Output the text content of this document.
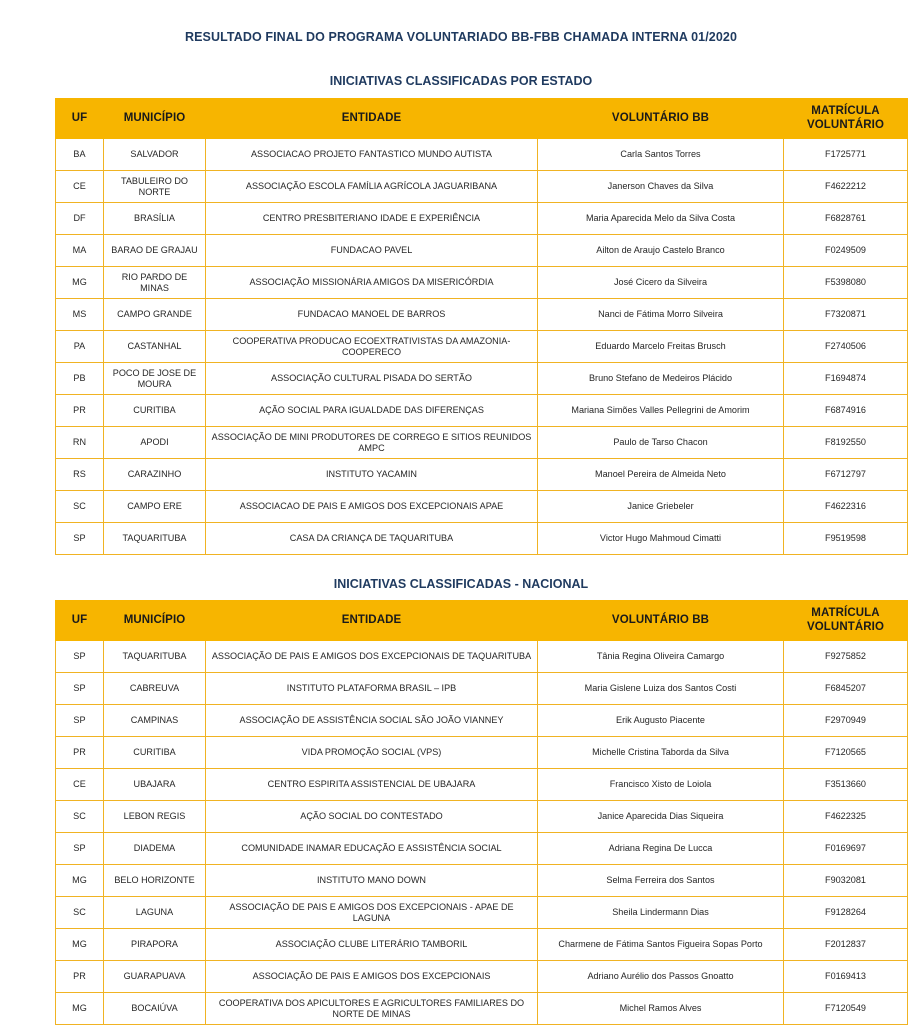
RESULTADO FINAL DO PROGRAMA VOLUNTARIADO BB-FBB CHAMADA INTERNA 01/2020
INICIATIVAS CLASSIFICADAS POR ESTADO
UF	MUNICÍPIO	ENTIDADE	VOLUNTÁRIO BB	MATRÍCULA
VOLUNTÁRIO

BA	SALVADOR	ASSOCIACAO PROJETO FANTASTICO MUNDO AUTISTA	Carla Santos Torres	F1725771
CE	TABULEIRO DO NORTE	ASSOCIAÇÃO ESCOLA FAMÍLIA AGRÍCOLA JAGUARIBANA	Janerson Chaves da Silva	F4622212
DF	BRASÍLIA	CENTRO PRESBITERIANO IDADE E EXPERIÊNCIA	Maria Aparecida Melo da Silva Costa	F6828761
MA	BARAO DE GRAJAU	FUNDACAO PAVEL	Ailton de Araujo Castelo Branco	F0249509
MG	RIO PARDO DE MINAS	ASSOCIAÇÃO MISSIONÁRIA AMIGOS DA MISERICÓRDIA	José Cicero da Silveira	F5398080
MS	CAMPO GRANDE	FUNDACAO MANOEL DE BARROS	Nanci de Fátima Morro Silveira	F7320871
PA	CASTANHAL	COOPERATIVA PRODUCAO ECOEXTRATIVISTAS DA AMAZONIA-COOPERECO	Eduardo Marcelo Freitas Brusch	F2740506
PB	POCO DE JOSE DE MOURA	ASSOCIAÇÃO CULTURAL PISADA DO SERTÃO	Bruno Stefano de Medeiros Plácido	F1694874
PR	CURITIBA	AÇÃO SOCIAL PARA IGUALDADE DAS DIFERENÇAS	Mariana Simões Valles Pellegrini de Amorim	F6874916
RN	APODI	ASSOCIAÇÃO DE MINI PRODUTORES DE CORREGO E SITIOS REUNIDOS AMPC	Paulo de Tarso Chacon	F8192550
RS	CARAZINHO	INSTITUTO YACAMIN	Manoel Pereira de Almeida Neto	F6712797
SC	CAMPO ERE	ASSOCIACAO DE PAIS E AMIGOS DOS EXCEPCIONAIS APAE	Janice Griebeler	F4622316
SP	TAQUARITUBA	CASA DA CRIANÇA DE TAQUARITUBA	Victor Hugo Mahmoud Cimatti	F9519598
INICIATIVAS CLASSIFICADAS - NACIONAL
UF	MUNICÍPIO	ENTIDADE	VOLUNTÁRIO BB	MATRÍCULA
VOLUNTÁRIO

SP	TAQUARITUBA	ASSOCIAÇÃO DE PAIS E AMIGOS DOS EXCEPCIONAIS DE TAQUARITUBA	Tânia Regina Oliveira Camargo	F9275852
SP	CABREUVA	INSTITUTO PLATAFORMA BRASIL – IPB	Maria Gislene Luiza dos Santos Costi	F6845207
SP	CAMPINAS	ASSOCIAÇÃO DE ASSISTÊNCIA SOCIAL SÃO JOÃO VIANNEY	Erik Augusto Piacente	F2970949
PR	CURITIBA	VIDA PROMOÇÃO SOCIAL (VPS)	Michelle Cristina Taborda da Silva	F7120565
CE	UBAJARA	CENTRO ESPIRITA ASSISTENCIAL DE UBAJARA	Francisco Xisto de Loiola	F3513660
SC	LEBON REGIS	AÇÃO SOCIAL DO CONTESTADO	Janice Aparecida Dias Siqueira	F4622325
SP	DIADEMA	COMUNIDADE INAMAR EDUCAÇÃO E ASSISTÊNCIA SOCIAL	Adriana Regina De Lucca	F0169697
MG	BELO HORIZONTE	INSTITUTO MANO DOWN	Selma Ferreira dos Santos	F9032081
SC	LAGUNA	ASSOCIAÇÃO DE PAIS E AMIGOS DOS EXCEPCIONAIS - APAE DE LAGUNA	Sheila Lindermann Dias	F9128264
MG	PIRAPORA	ASSOCIAÇÃO CLUBE LITERÁRIO TAMBORIL	Charmene de Fátima Santos Figueira Sopas Porto	F2012837
PR	GUARAPUAVA	ASSOCIAÇÃO DE PAIS E AMIGOS DOS EXCEPCIONAIS	Adriano Aurélio dos Passos Gnoatto	F0169413
MG	BOCAIÚVA	COOPERATIVA DOS APICULTORES E AGRICULTORES FAMILIARES DO NORTE DE MINAS	Michel Ramos Alves	F7120549
